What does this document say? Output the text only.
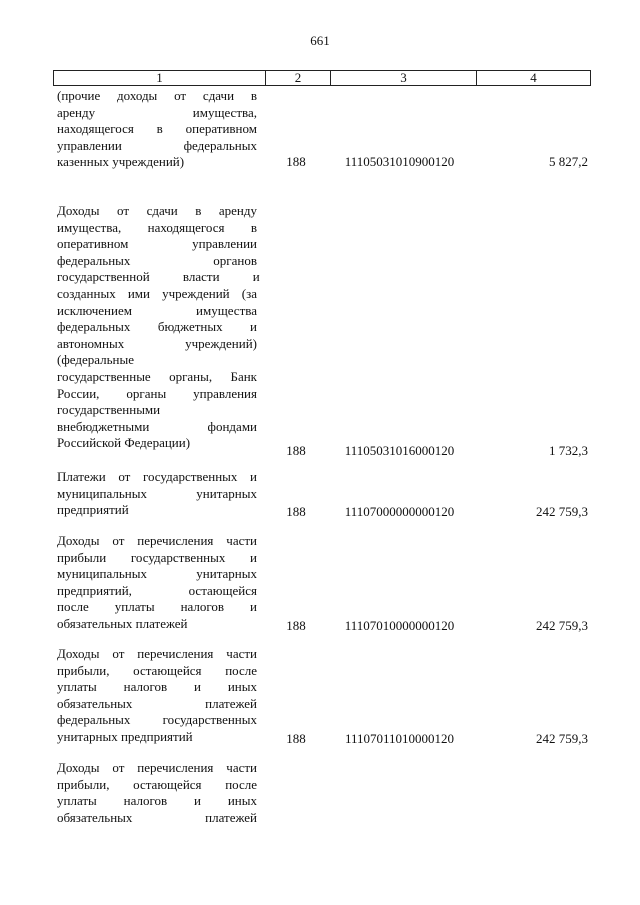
661
1	2	3	4
(прочие доходы от сдачи в
аренду имущества,
находящегося в оперативном
управлении федеральных
казенных учреждений)	188	11105031010900120	5 827,2
Доходы от сдачи в аренду
имущества, находящегося в
оперативном управлении
федеральных органов
государственной власти и
созданных ими учреждений (за
исключением имущества
федеральных бюджетных и
автономных учреждений)
(федеральные
государственные органы, Банк
России, органы управления
государственными
внебюджетными фондами
Российской Федерации)
188	11105031016000120	1 732,3
Платежи от государственных и
муниципальных унитарных
предприятий	188	11107000000000120	242 759,3
Доходы от перечисления части
прибыли государственных и
муниципальных унитарных
предприятий, остающейся
после уплаты налогов и
обязательных платежей	188	11107010000000120	242 759,3
Доходы от перечисления части
прибыли, остающейся после
уплаты налогов и иных
обязательных платежей
федеральных государственных
унитарных предприятий	188	11107011010000120	242 759,3
Доходы от перечисления части
прибыли, остающейся после
уплаты налогов и иных
обязательных платежей
